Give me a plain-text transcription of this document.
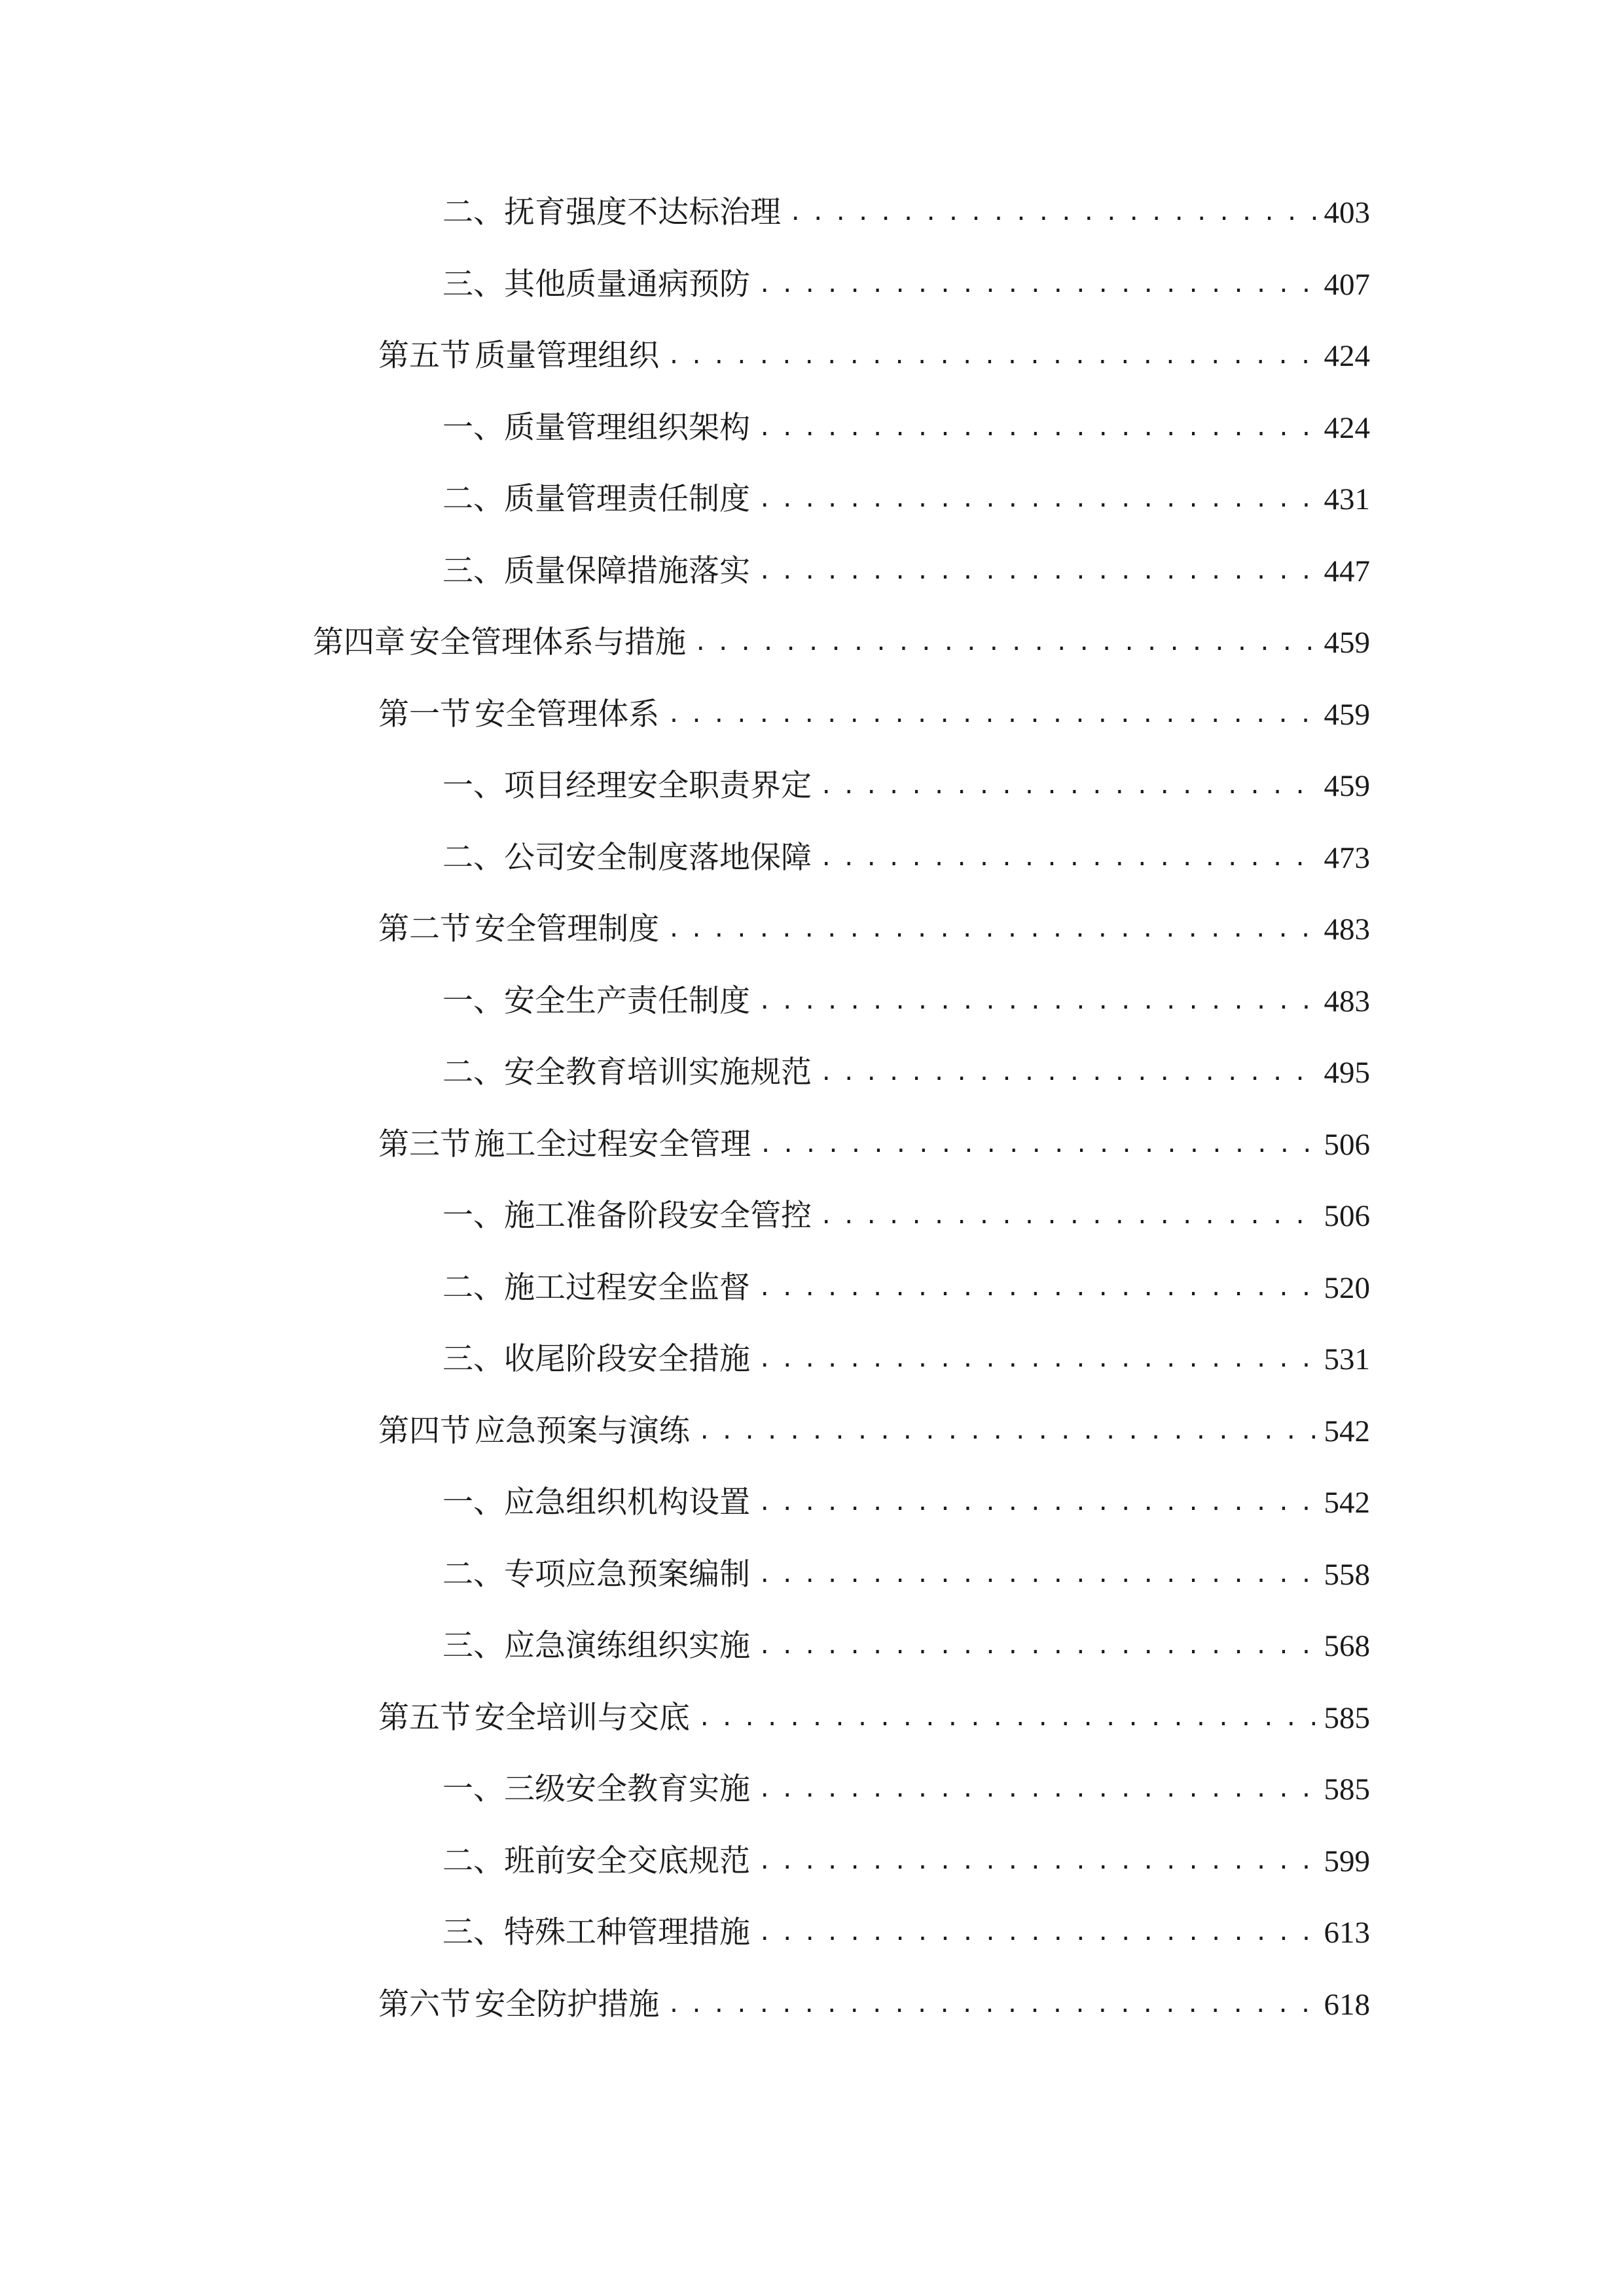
二、 抚育强度不达标治理 .....	403
三、 其他质量通病预防 .....	407
第五节 质量管理组织 .....	424
一、 质量管理组织架构 .....	424
二、 质量管理责任制度 .....	431
三、 质量保障措施落实 .....	447
第四章 安全管理体系与措施 .....	459
第一节 安全管理体系 .....	459
一、 项目经理安全职责界定 .....	459
二、 公司安全制度落地保障 .....	473
第二节 安全管理制度 .....	483
一、 安全生产责任制度 .....	483
二、 安全教育培训实施规范 .....	495
第三节 施工全过程安全管理 .....	506
一、 施工准备阶段安全管控 .....	506
二、 施工过程安全监督 .....	520
三、 收尾阶段安全措施 .....	531
第四节 应急预案与演练 .....	542
一、 应急组织机构设置 .....	542
二、 专项应急预案编制 .....	558
三、 应急演练组织实施 .....	568
第五节 安全培训与交底 .....	585
一、 三级安全教育实施 .....	585
二、 班前安全交底规范 .....	599
三、 特殊工种管理措施 .....	613
第六节 安全防护措施 .....	618
